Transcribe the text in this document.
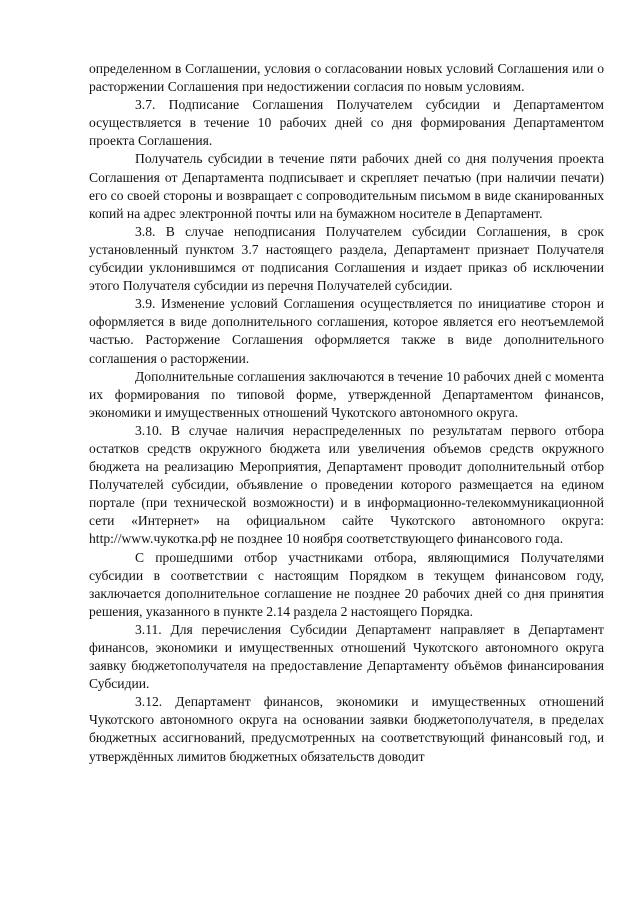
определенном в Соглашении, условия о согласовании новых условий Соглашения или о расторжении Соглашения при недостижении согласия по новым условиям.

3.7. Подписание Соглашения Получателем субсидии и Департаментом осуществляется в течение 10 рабочих дней со дня формирования Департаментом проекта Соглашения.

Получатель субсидии в течение пяти рабочих дней со дня получения проекта Соглашения от Департамента подписывает и скрепляет печатью (при наличии печати) его со своей стороны и возвращает с сопроводительным письмом в виде сканированных копий на адрес электронной почты или на бумажном носителе в Департамент.

3.8. В случае неподписания Получателем субсидии Соглашения, в срок установленный пунктом 3.7 настоящего раздела, Департамент признает Получателя субсидии уклонившимся от подписания Соглашения и издает приказ об исключении этого Получателя субсидии из перечня Получателей субсидии.

3.9. Изменение условий Соглашения осуществляется по инициативе сторон и оформляется в виде дополнительного соглашения, которое является его неотъемлемой частью. Расторжение Соглашения оформляется также в виде дополнительного соглашения о расторжении.

Дополнительные соглашения заключаются в течение 10 рабочих дней с момента их формирования по типовой форме, утвержденной Департаментом финансов, экономики и имущественных отношений Чукотского автономного округа.

3.10. В случае наличия нераспределенных по результатам первого отбора остатков средств окружного бюджета или увеличения объемов средств окружного бюджета на реализацию Мероприятия, Департамент проводит дополнительный отбор Получателей субсидии, объявление о проведении которого размещается на едином портале (при технической возможности) и в информационно-телекоммуникационной сети «Интернет» на официальном сайте Чукотского автономного округа: http://www.чукотка.рф не позднее 10 ноября соответствующего финансового года.

С прошедшими отбор участниками отбора, являющимися Получателями субсидии в соответствии с настоящим Порядком в текущем финансовом году, заключается дополнительное соглашение не позднее 20 рабочих дней со дня принятия решения, указанного в пункте 2.14 раздела 2 настоящего Порядка.

3.11. Для перечисления Субсидии Департамент направляет в Департамент финансов, экономики и имущественных отношений Чукотского автономного округа заявку бюджетополучателя на предоставление Департаменту объёмов финансирования Субсидии.

3.12. Департамент финансов, экономики и имущественных отношений Чукотского автономного округа на основании заявки бюджетополучателя, в пределах бюджетных ассигнований, предусмотренных на соответствующий финансовый год, и утверждённых лимитов бюджетных обязательств доводит
